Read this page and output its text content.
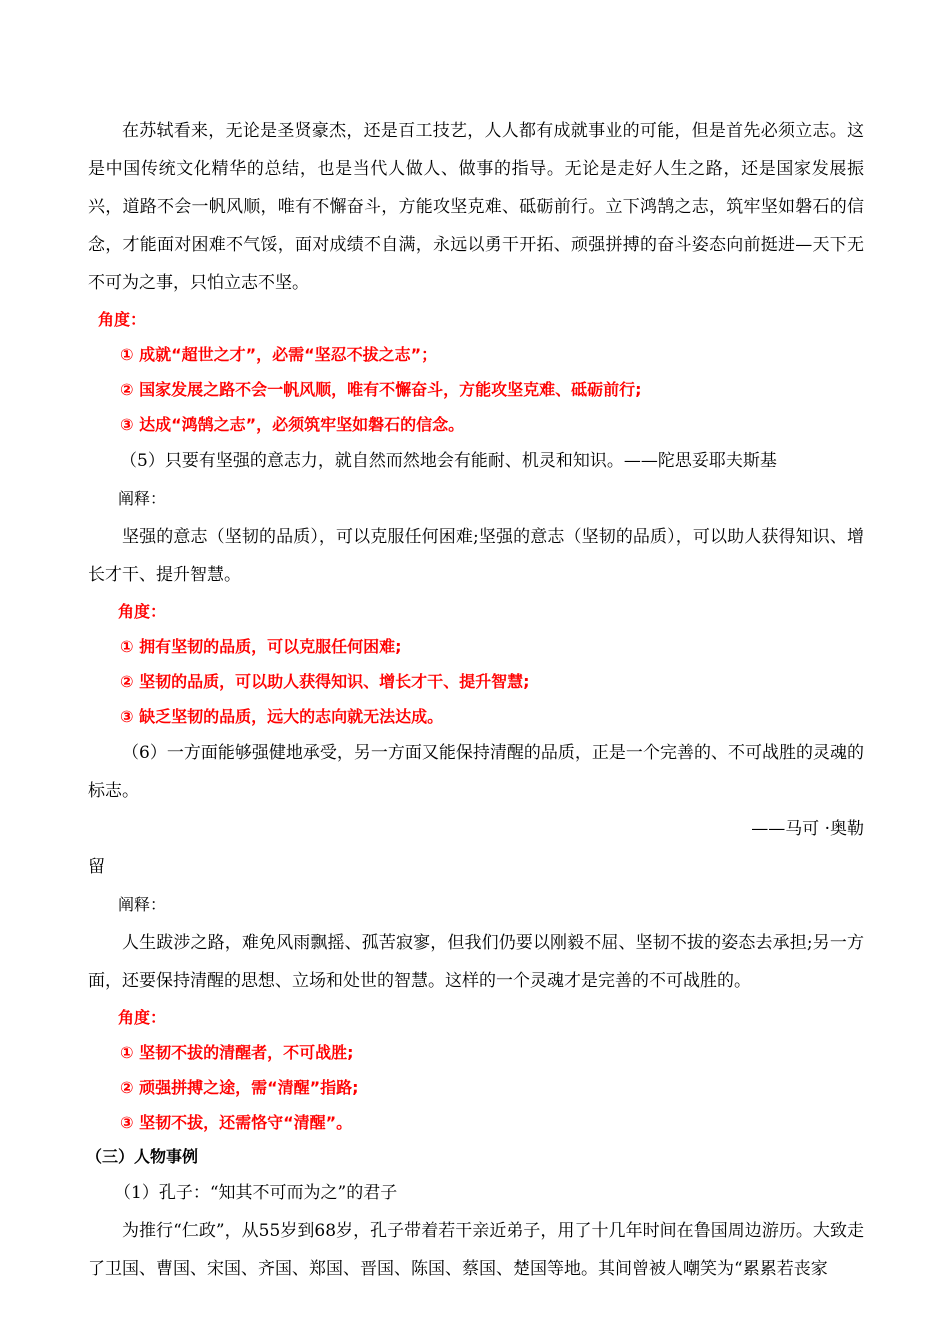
在苏轼看来，无论是圣贤豪杰，还是百工技艺，人人都有成就事业的可能，但是首先必须立志。这是中国传统文化精华的总结，也是当代人做人、做事的指导。无论是走好人生之路，还是国家发展振兴，道路不会一帆风顺，唯有不懈奋斗，方能攻坚克难、砥砺前行。立下鸿鹄之志，筑牢坚如磐石的信念，才能面对困难不气馁，面对成绩不自满，永远以勇干开拓、顽强拼搏的奋斗姿态向前挺进—天下无不可为之事，只怕立志不坚。

角度：

① 成就“超世之才”，必需“坚忍不拔之志”；

② 国家发展之路不会一帆风顺，唯有不懈奋斗，方能攻坚克难、砥砺前行;

③ 达成“鸿鹄之志”，必须筑牢坚如磐石的信念。

（5）只要有坚强的意志力，就自然而然地会有能耐、机灵和知识。——陀思妥耶夫斯基

阐释：

坚强的意志（坚韧的品质），可以克服任何困难;坚强的意志（坚韧的品质），可以助人获得知识、增长才干、提升智慧。

角度：

① 拥有坚韧的品质，可以克服任何困难;

② 坚韧的品质，可以助人获得知识、增长才干、提升智慧;

③ 缺乏坚韧的品质，远大的志向就无法达成。

（6）一方面能够强健地承受，另一方面又能保持清醒的品质，正是一个完善的、不可战胜的灵魂的标志。

——马可 ·奥勒

留

阐释：

人生跋涉之路，难免风雨飘摇、孤苦寂寥，但我们仍要以刚毅不屈、坚韧不拔的姿态去承担;另一方面，还要保持清醒的思想、立场和处世的智慧。这样的一个灵魂才是完善的不可战胜的。

角度：

① 坚韧不拔的清醒者，不可战胜;

② 顽强拼搏之途，需“清醒”指路;

③ 坚韧不拔，还需恪守“清醒”。

（三）人物事例

（1）孔子：“知其不可而为之”的君子

为推行“仁政”，从55岁到68岁，孔子带着若干亲近弟子，用了十几年时间在鲁国周边游历。大致走了卫国、曹国、宋国、齐国、郑国、晋国、陈国、蔡国、楚国等地。其间曾被人嘲笑为“累累若丧家
